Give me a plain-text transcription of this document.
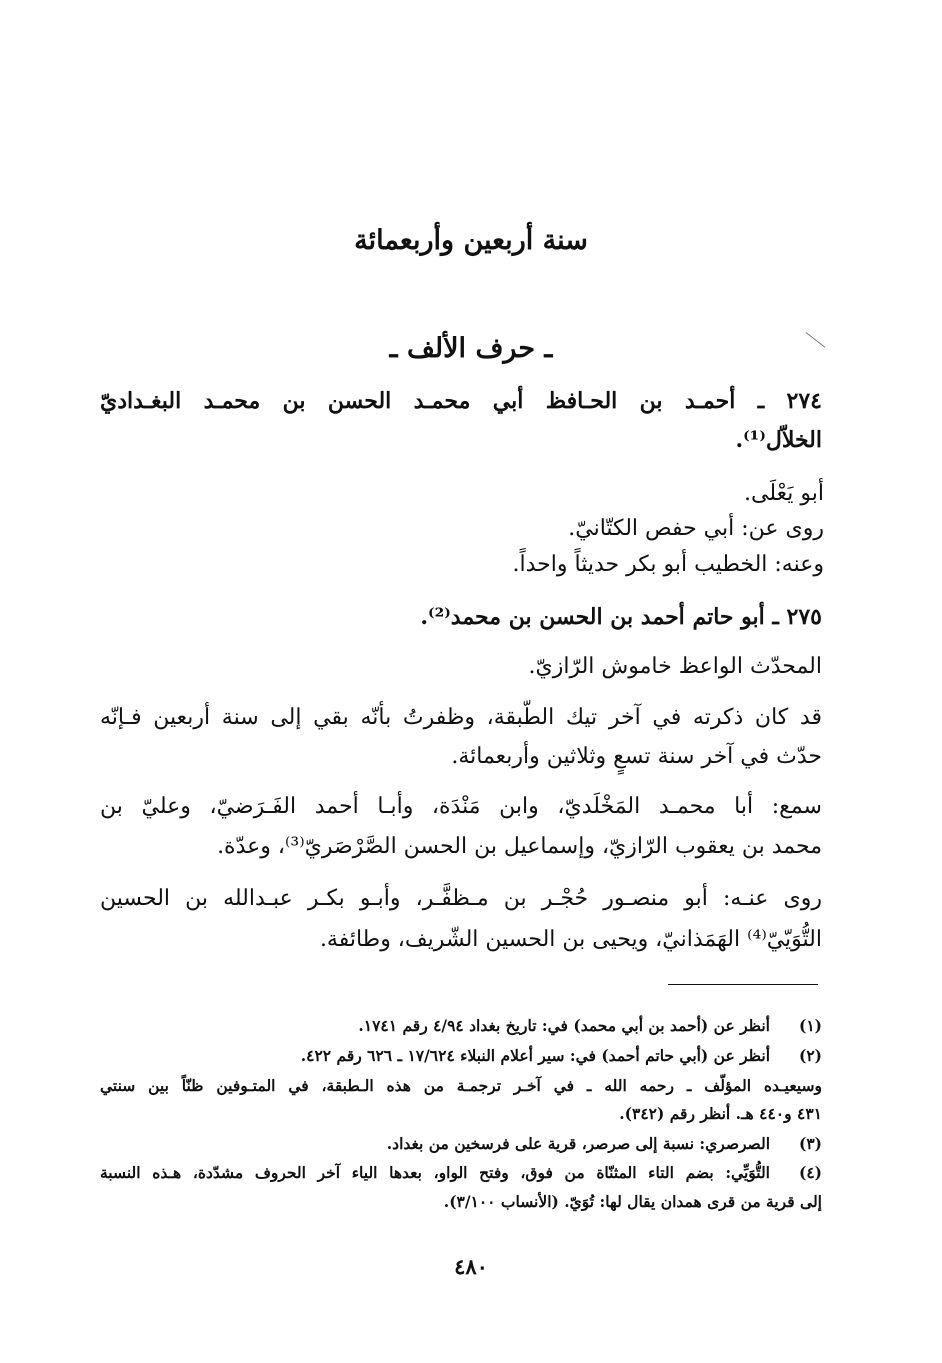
سنة أربعين وأربعمائة
ـ حرف الألف ـ
٢٧٤ ـ أحمـد بن الحـافظ أبي محمـد الحسن بن محمـد البغـداديّ
الخلاّل⁽¹⁾.
أبو يَعْلَى.
روى عن: أبي حفص الكتّانيّ.
وعنه: الخطيب أبو بكر حديثاً واحداً.
٢٧٥ ـ أبو حاتم أحمد بن الحسن بن محمد⁽²⁾.
المحدّث الواعظ خاموش الرّازيّ.
قد كان ذكرته في آخر تيك الطّبقة، وظفرتُ بأنّه بقي إلى سنة أربعين فـإنّه
حدّث في آخر سنة تسعٍ وثلاثين وأربعمائة.
سمع: أبا محمـد المَخْلَديّ، وابن مَنْدَة، وأبـا أحمد الفَـرَضيّ، وعليّ بن
محمد بن يعقوب الرّازيّ، وإسماعيل بن الحسن الصَّرْصَريّ⁽³⁾، وعدّة.
روى عنـه: أبو منصـور حُجْـر بن مـظفَّـر، وأبـو بكـر عبـدالله بن الحسين
التُّوَيّيّ⁽⁴⁾ الهَمَذانيّ، ويحيى بن الحسين الشّريف، وطائفة.
(١)
أنظر عن (أحمد بن أبي محمد) في: تاريخ بغداد ٤/٩٤ رقم ١٧٤١.
(٢)
أنظر عن (أبي حاتم أحمد) في: سير أعلام النبلاء ١٧/٦٢٤ ـ ٦٢٦ رقم ٤٢٢.
وسيعيـده المؤلّف ـ رحمه الله ـ في آخـر ترجمـة من هذه الـطبقة، في المتـوفين ظنّاً بين سنتي
٤٣١ و٤٤٠ هـ. أنظر رقم (٣٤٢).
(٣)
الصرصري: نسبة إلى صرصر، قرية على فرسخين من بغداد.
(٤)
التُّوَيِّي: بضم التاء المثنّاة من فوق، وفتح الواو، بعدها الياء آخر الحروف مشدّدة، هـذه النسبة
إلى قرية من قرى همدان يقال لها: تُوَيّ. (الأنساب ٣/١٠٠).
٤٨٠
